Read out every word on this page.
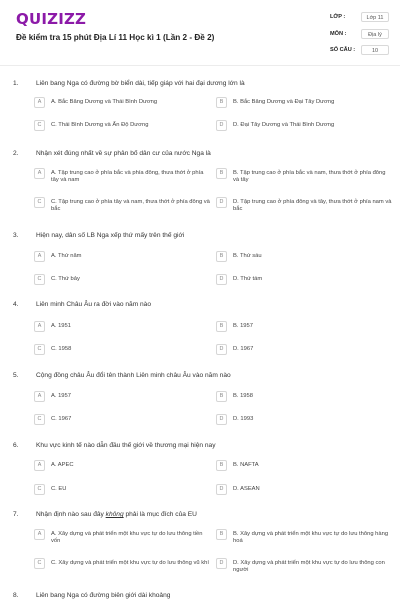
QUIZIZZ
Đề kiểm tra 15 phút Địa Lí 11 Học kì 1 (Lần 2 - Đề 2)
LỚP :	Lớp 11
MÔN :	Địa lý
SỐ CÂU :	10
1.	Liên bang Nga có đường bờ biển dài, tiếp giáp với hai đại dương lớn là
A	A. Bắc Băng Dương và Thái Bình Dương	B	B. Bắc Băng Dương và Đại Tây Dương
C	C. Thái Bình Dương và Ấn Độ Dương	D	D. Đại Tây Dương và Thái Bình Dương
2.	Nhận xét đúng nhất về sự phân bố dân cư của nước Nga là
A	A. Tập trung cao ở phía bắc và phía đông, thưa thớt ở phía tây và nam
B	B. Tập trung cao ở phía bắc và nam, thưa thớt ở phía đông và tây
C	C. Tập trung cao ở phía tây và nam, thưa thớt ở phía đông và bắc
D	D. Tập trung cao ở phía đông và tây, thưa thớt ở phía nam và bắc
3.	Hiện nay, dân số LB Nga xếp thứ mấy trên thế giới
A	A. Thứ năm	B	B. Thứ sáu
C	C. Thứ bảy	D	D. Thứ tám
4.	Liên minh Châu Âu ra đời vào năm nào
A	A. 1951	B	B. 1957
C	C. 1958	D	D. 1967
5.	Cộng đồng châu Âu đổi tên thành Liên minh châu Âu vào năm nào
A	A. 1957	B	B. 1958
C	C. 1967	D	D. 1993
6.	Khu vực kinh tế nào dẫn đầu thế giới về thương mại hiện nay
A	A. APEC	B	B. NAFTA
C	C. EU	D	D. ASEAN
7.	Nhận định nào sau đây không phải là mục đích của EU
A	A. Xây dựng và phát triển một khu vực tự do lưu thông tiền vốn
B	B. Xây dựng và phát triển một khu vực tự do lưu thông hàng hoá
C	C. Xây dựng và phát triển một khu vực tự do lưu thông vũ khí	D	D. Xây dựng và phát triển một khu vực tự do lưu thông con người
8.	Liên bang Nga có đường biên giới dài khoảng
